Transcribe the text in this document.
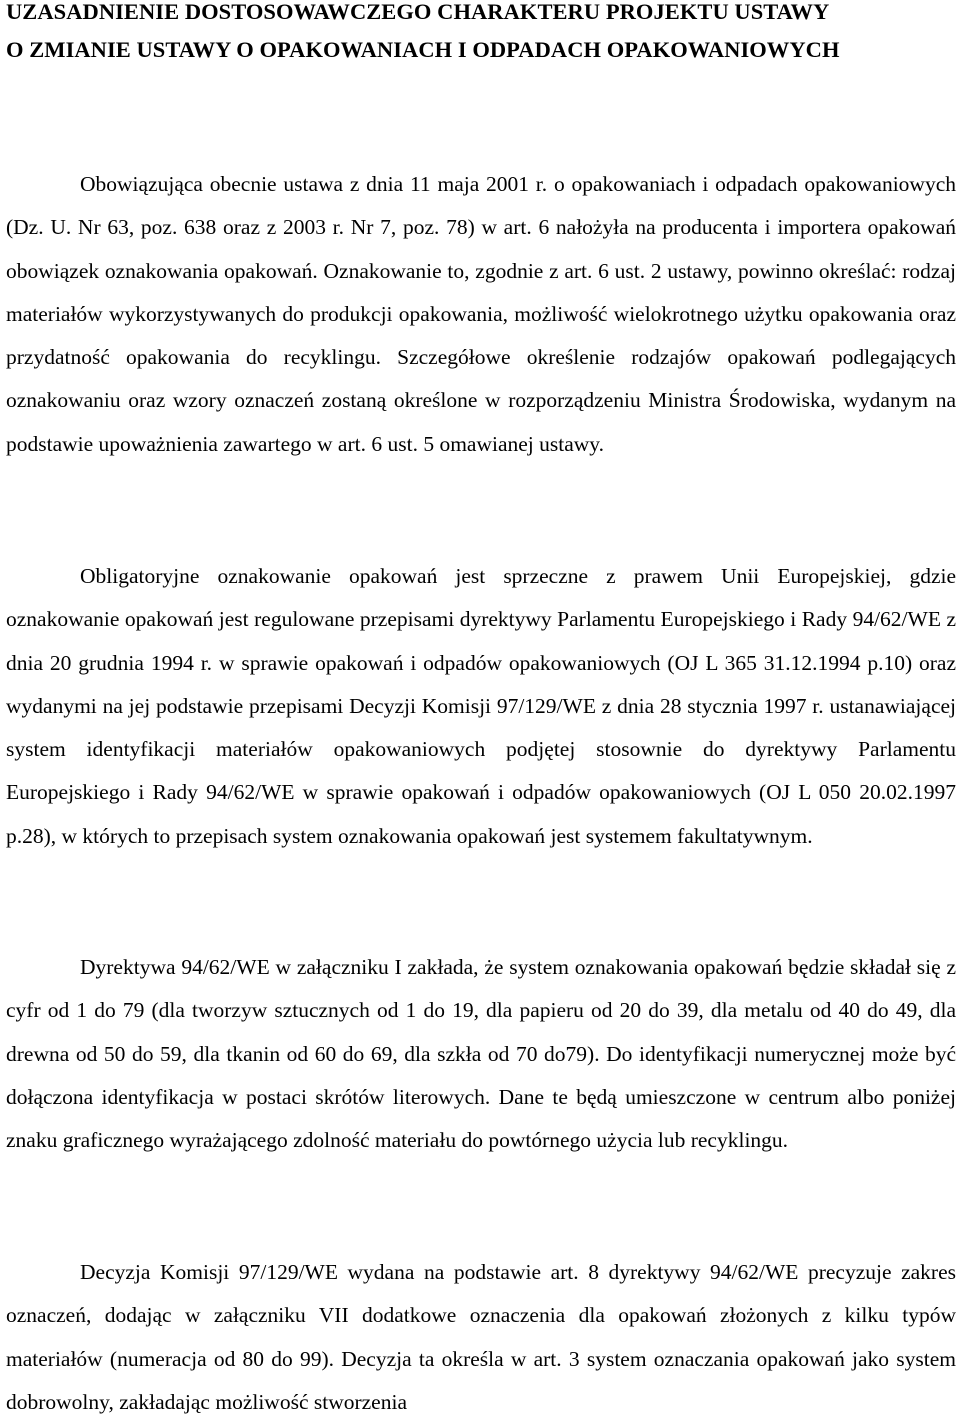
UZASADNIENIE DOSTOSOWAWCZEGO CHARAKTERU PROJEKTU USTAWY
O ZMIANIE USTAWY O OPAKOWANIACH I ODPADACH OPAKOWANIOWYCH

Obowiązująca obecnie ustawa z dnia 11 maja 2001 r. o opakowaniach i odpadach opakowaniowych (Dz. U. Nr 63, poz. 638 oraz z 2003 r. Nr 7, poz. 78) w art. 6 nałożyła na producenta i importera opakowań obowiązek oznakowania opakowań. Oznakowanie to, zgodnie z art. 6 ust. 2 ustawy, powinno określać: rodzaj materiałów wykorzystywanych do produkcji opakowania, możliwość wielokrotnego użytku opakowania oraz przydatność opakowania do recyklingu. Szczegółowe określenie rodzajów opakowań podlegających oznakowaniu oraz wzory oznaczeń zostaną określone w rozporządzeniu Ministra Środowiska, wydanym na podstawie upoważnienia zawartego w art. 6 ust. 5 omawianej ustawy.

Obligatoryjne oznakowanie opakowań jest sprzeczne z prawem Unii Europejskiej, gdzie oznakowanie opakowań jest regulowane przepisami dyrektywy Parlamentu Europejskiego i Rady 94/62/WE z dnia 20 grudnia 1994 r. w sprawie opakowań i odpadów opakowaniowych (OJ L 365 31.12.1994 p.10) oraz wydanymi na jej podstawie przepisami Decyzji Komisji 97/129/WE z dnia 28 stycznia 1997 r. ustanawiającej system identyfikacji materiałów opakowaniowych podjętej stosownie do dyrektywy Parlamentu Europejskiego i Rady 94/62/WE w sprawie opakowań i odpadów opakowaniowych (OJ L 050 20.02.1997 p.28), w których to przepisach system oznakowania opakowań jest systemem fakultatywnym.

Dyrektywa 94/62/WE w załączniku I zakłada, że system oznakowania opakowań będzie składał się z cyfr od 1 do 79 (dla tworzyw sztucznych od 1 do 19, dla papieru od 20 do 39, dla metalu od 40 do 49, dla drewna od 50 do 59, dla tkanin od 60 do 69, dla szkła od 70 do79). Do identyfikacji numerycznej może być dołączona identyfikacja w postaci skrótów literowych. Dane te będą umieszczone w centrum albo poniżej znaku graficznego wyrażającego zdolność materiału do powtórnego użycia lub recyklingu.

Decyzja Komisji 97/129/WE wydana na podstawie art. 8 dyrektywy 94/62/WE precyzuje zakres oznaczeń, dodając w załączniku VII dodatkowe oznaczenia dla opakowań złożonych z kilku typów materiałów (numeracja od 80 do 99). Decyzja ta określa w art. 3 system oznaczania opakowań jako system dobrowolny, zakładając możliwość stworzenia
